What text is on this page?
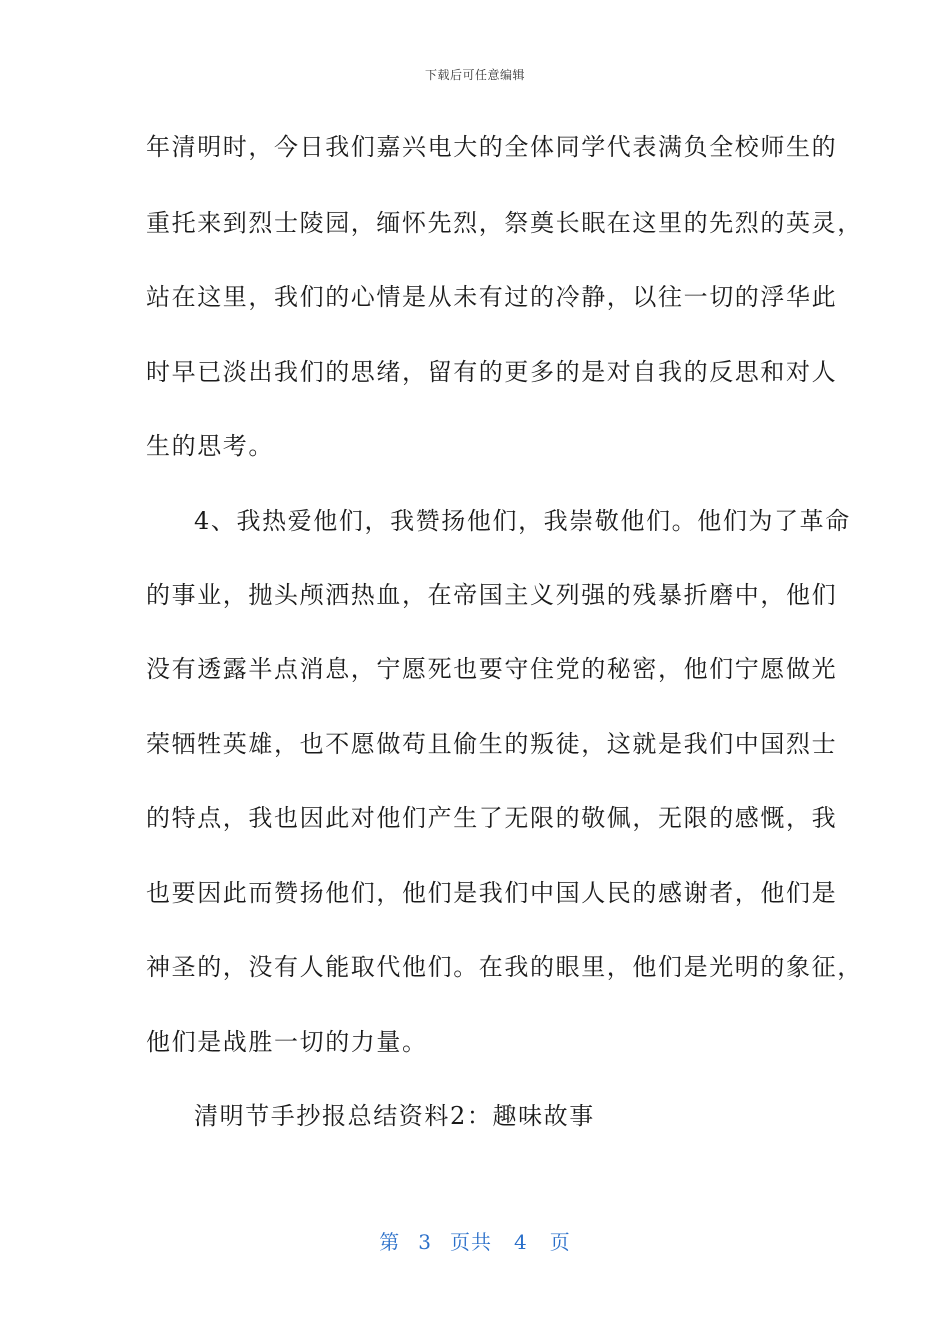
下载后可任意编辑
年清明时，今日我们嘉兴电大的全体同学代表满负全校师生的
重托来到烈士陵园，缅怀先烈，祭奠长眠在这里的先烈的英灵，
站在这里，我们的心情是从未有过的冷静，以往一切的浮华此
时早已淡出我们的思绪，留有的更多的是对自我的反思和对人
生的思考。
4、我热爱他们，我赞扬他们，我崇敬他们。他们为了革命
的事业，抛头颅洒热血，在帝国主义列强的残暴折磨中，他们
没有透露半点消息，宁愿死也要守住党的秘密，他们宁愿做光
荣牺牲英雄，也不愿做苟且偷生的叛徒，这就是我们中国烈士
的特点，我也因此对他们产生了无限的敬佩，无限的感慨，我
也要因此而赞扬他们，他们是我们中国人民的感谢者，他们是
神圣的，没有人能取代他们。在我的眼里，他们是光明的象征，
他们是战胜一切的力量。
清明节手抄报总结资料2：趣味故事
第 3 页共 4 页
